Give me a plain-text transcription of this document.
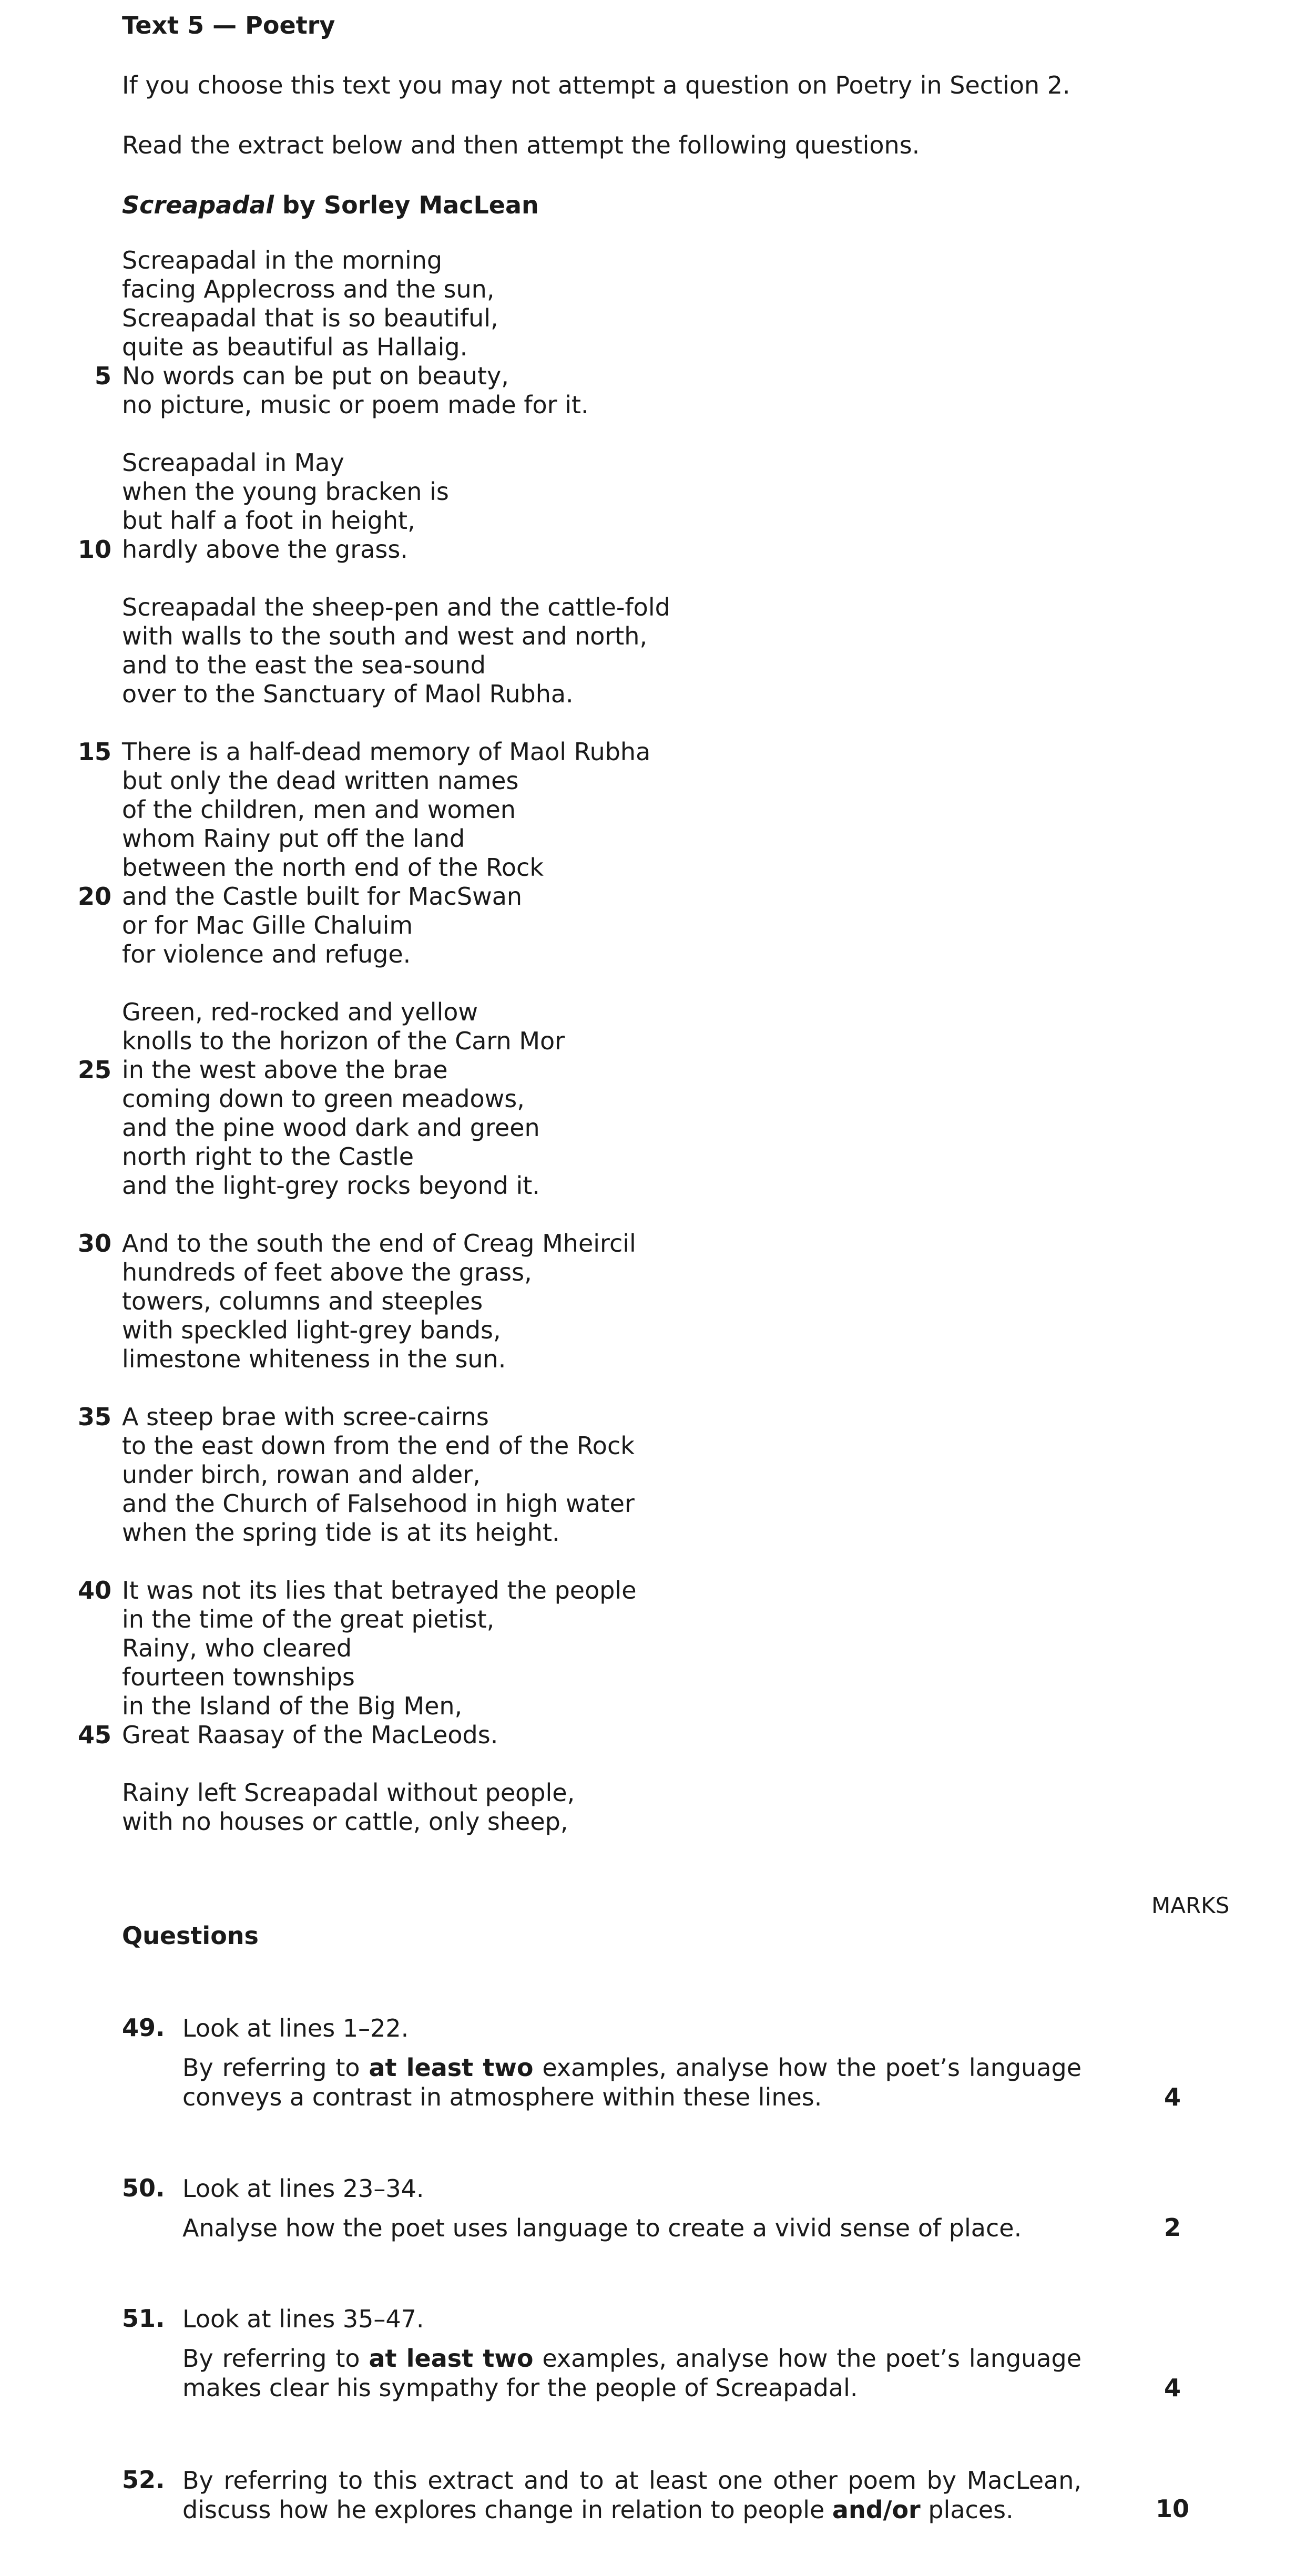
Text 5 — Poetry
If you choose this text you may not attempt a question on Poetry in Section 2.
Read the extract below and then attempt the following questions.
Screapadal by Sorley MacLean
Screapadal in the morning
facing Applecross and the sun,
Screapadal that is so beautiful,
quite as beautiful as Hallaig.
5 No words can be put on beauty,
no picture, music or poem made for it.
Screapadal in May
when the young bracken is
but half a foot in height,
10 hardly above the grass.
Screapadal the sheep-pen and the cattle-fold
with walls to the south and west and north,
and to the east the sea-sound
over to the Sanctuary of Maol Rubha.
15 There is a half-dead memory of Maol Rubha
but only the dead written names
of the children, men and women
whom Rainy put off the land
between the north end of the Rock
20 and the Castle built for MacSwan
or for Mac Gille Chaluim
for violence and refuge.
Green, red-rocked and yellow
knolls to the horizon of the Carn Mor
25 in the west above the brae
coming down to green meadows,
and the pine wood dark and green
north right to the Castle
and the light-grey rocks beyond it.
30 And to the south the end of Creag Mheircil
hundreds of feet above the grass,
towers, columns and steeples
with speckled light-grey bands,
limestone whiteness in the sun.
35 A steep brae with scree-cairns
to the east down from the end of the Rock
under birch, rowan and alder,
and the Church of Falsehood in high water
when the spring tide is at its height.
40 It was not its lies that betrayed the people
in the time of the great pietist,
Rainy, who cleared
fourteen townships
in the Island of the Big Men,
45 Great Raasay of the MacLeods.
Rainy left Screapadal without people,
with no houses or cattle, only sheep,
MARKS
Questions
49. Look at lines 1–22.
By referring to at least two examples, analyse how the poet’s language conveys a contrast in atmosphere within these lines.	4
50. Look at lines 23–34.
Analyse how the poet uses language to create a vivid sense of place.	2
51. Look at lines 35–47.
By referring to at least two examples, analyse how the poet’s language makes clear his sympathy for the people of Screapadal.	4
52. By referring to this extract and to at least one other poem by MacLean, discuss how he explores change in relation to people and/or places.	10
